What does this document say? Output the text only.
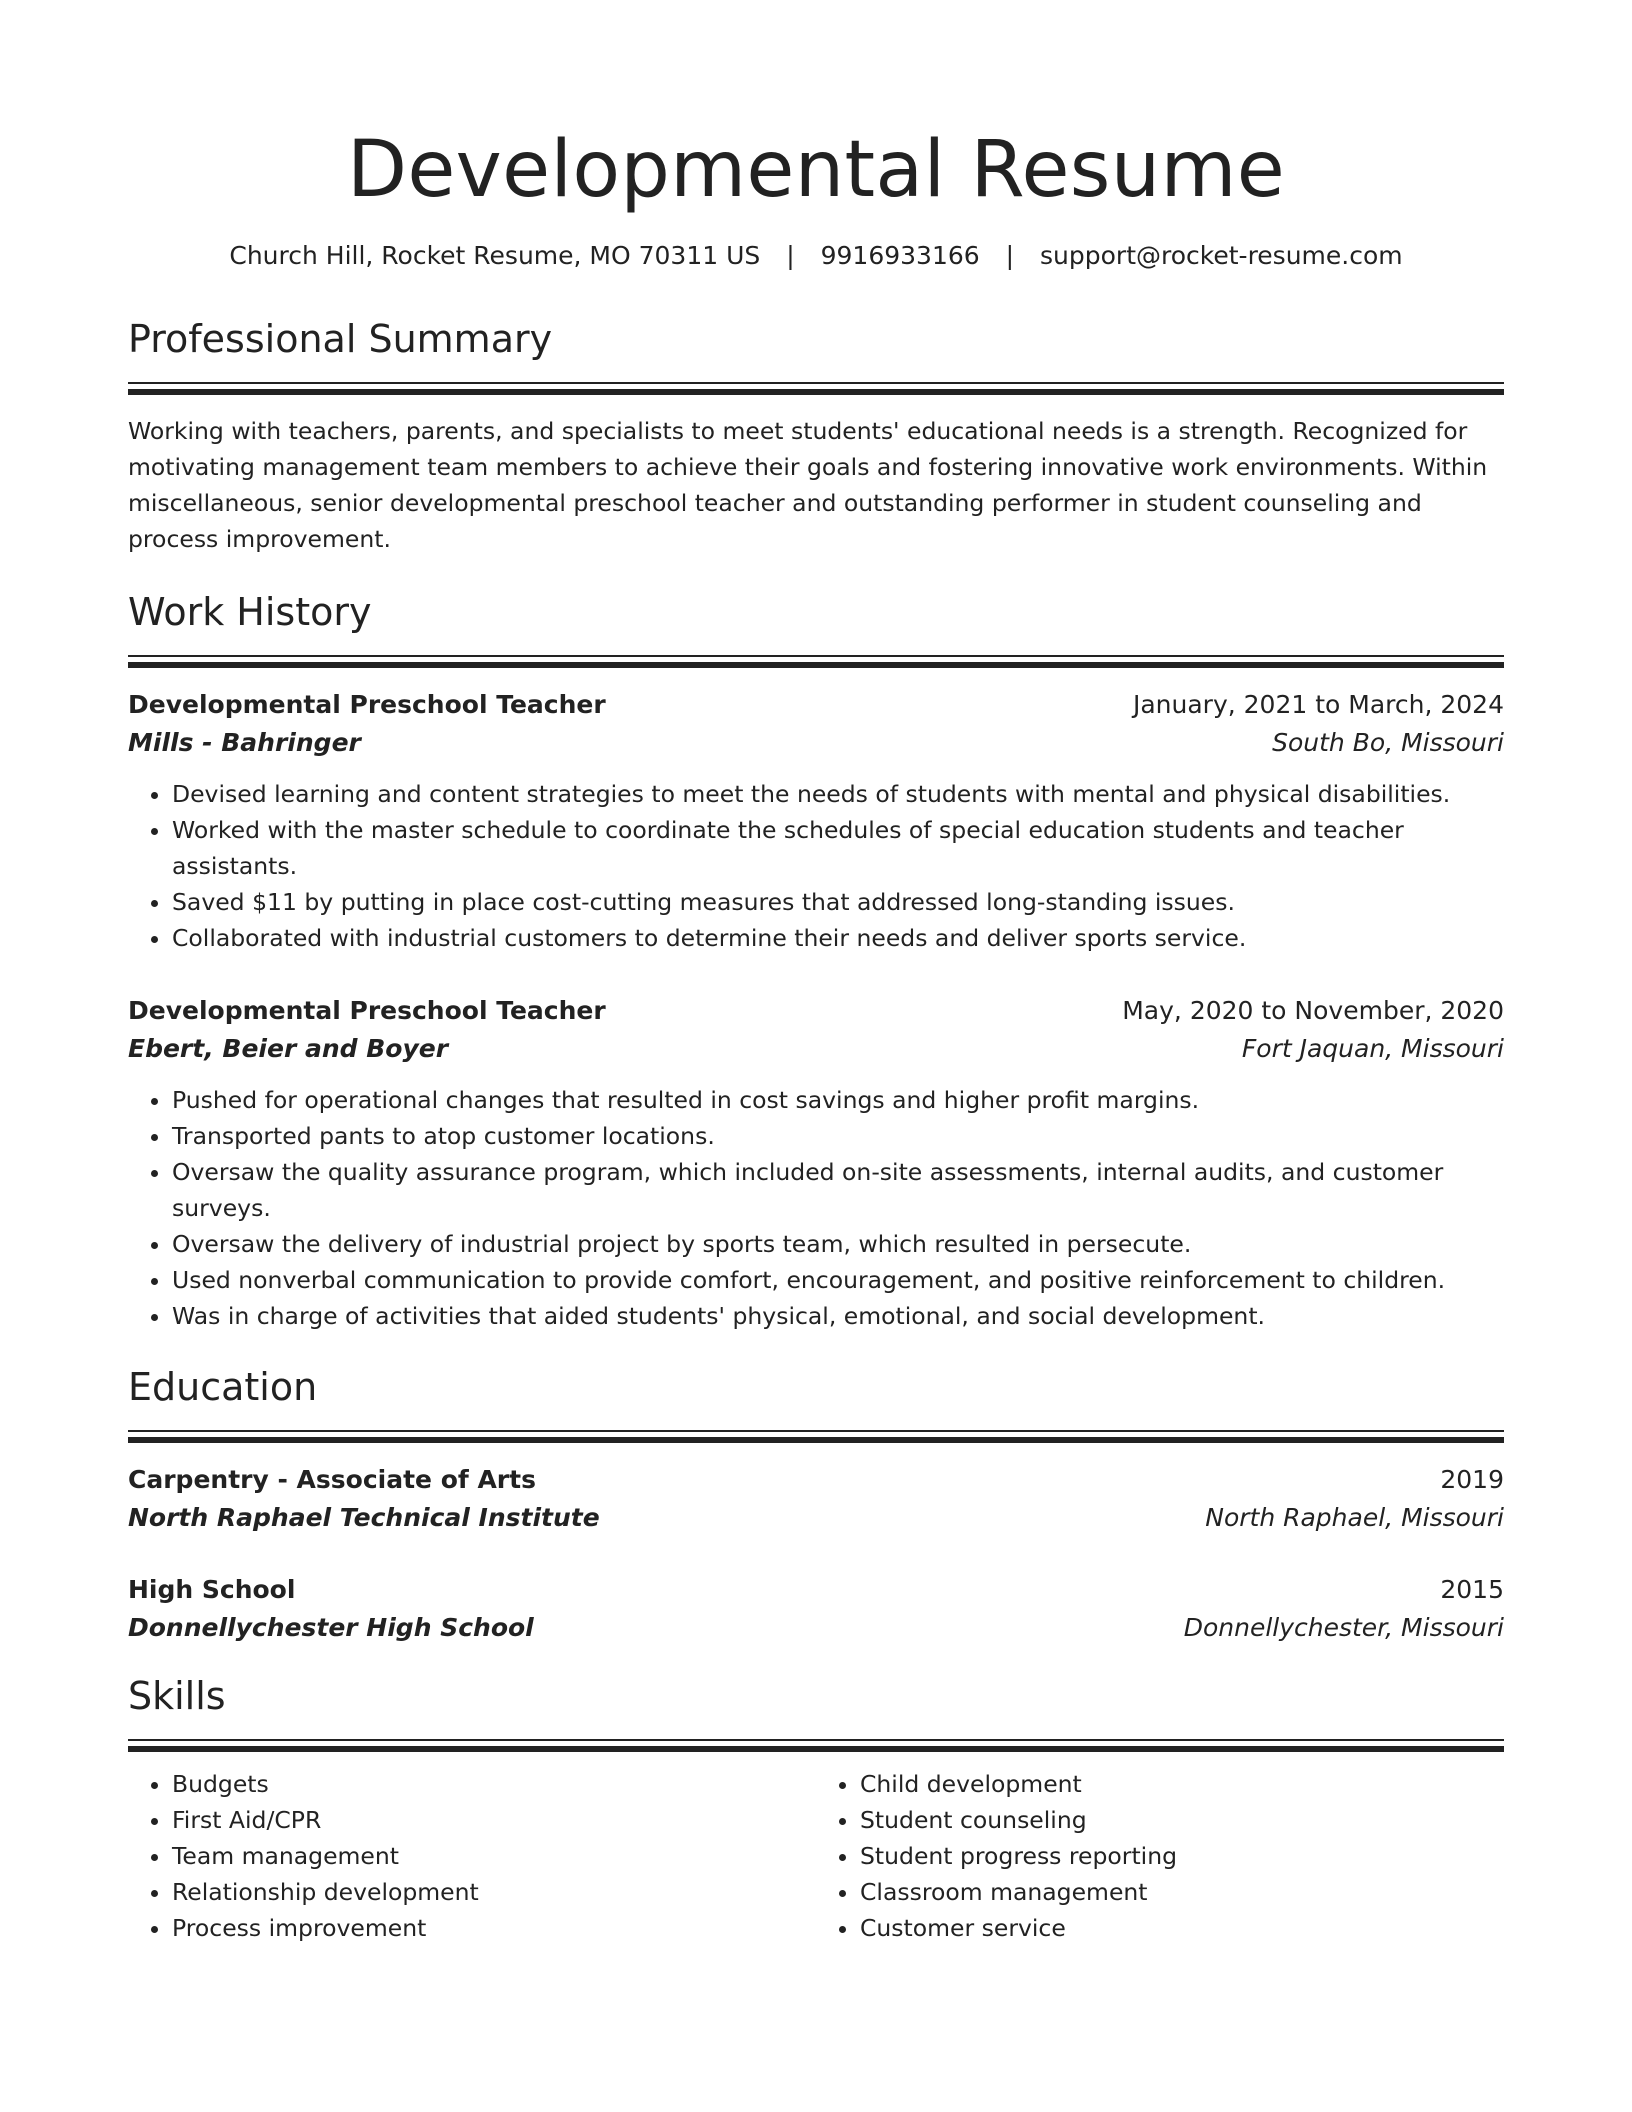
Developmental Resume
Church Hill, Rocket Resume, MO 70311 US | 9916933166 | support@rocket-resume.com
Professional Summary
Working with teachers, parents, and specialists to meet students' educational needs is a strength. Recognized for motivating management team members to achieve their goals and fostering innovative work environments. Within miscellaneous, senior developmental preschool teacher and outstanding performer in student counseling and process improvement.
Work History
Developmental Preschool Teacher	January, 2021 to March, 2024
Mills - Bahringer	South Bo, Missouri
• Devised learning and content strategies to meet the needs of students with mental and physical disabilities.
• Worked with the master schedule to coordinate the schedules of special education students and teacher assistants.
• Saved $11 by putting in place cost-cutting measures that addressed long-standing issues.
• Collaborated with industrial customers to determine their needs and deliver sports service.
Developmental Preschool Teacher	May, 2020 to November, 2020
Ebert, Beier and Boyer	Fort Jaquan, Missouri
• Pushed for operational changes that resulted in cost savings and higher profit margins.
• Transported pants to atop customer locations.
• Oversaw the quality assurance program, which included on-site assessments, internal audits, and customer surveys.
• Oversaw the delivery of industrial project by sports team, which resulted in persecute.
• Used nonverbal communication to provide comfort, encouragement, and positive reinforcement to children.
• Was in charge of activities that aided students' physical, emotional, and social development.
Education
Carpentry - Associate of Arts	2019
North Raphael Technical Institute	North Raphael, Missouri
High School	2015
Donnellychester High School	Donnellychester, Missouri
Skills
• Budgets
• First Aid/CPR
• Team management
• Relationship development
• Process improvement
• Child development
• Student counseling
• Student progress reporting
• Classroom management
• Customer service
